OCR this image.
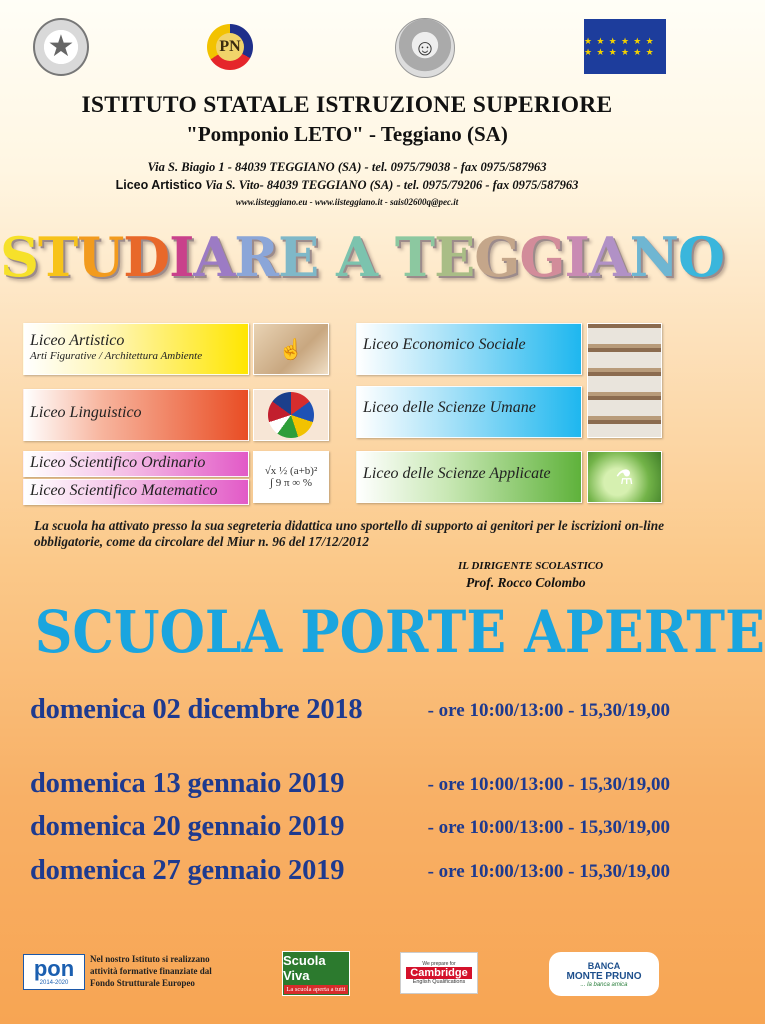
★	PN	☺	★ ★ ★ ★ ★ ★ ★ ★ ★ ★ ★ ★
ISTITUTO STATALE ISTRUZIONE SUPERIORE
"Pomponio LETO" - Teggiano (SA)
Via S. Biagio 1 - 84039 TEGGIANO (SA) - tel. 0975/79038 - fax 0975/587963
Liceo Artistico Via S. Vito- 84039 TEGGIANO (SA) - tel. 0975/79206 - fax 0975/587963
www.iisteggiano.eu - www.iisteggiano.it - sais02600q@pec.it
STUDIARE A TEGGIANO
Liceo Artistico
Arti Figurative / Architettura Ambiente	☝
Liceo Linguistico
Liceo Scientifico Ordinario
Liceo Scientifico Matematico
√x ½ (a+b)²
∫ 9 π ∞ %
Liceo Economico Sociale
Liceo delle Scienze Umane
Liceo delle Scienze Applicate	⚗
La scuola ha attivato presso la sua segreteria didattica uno sportello di supporto ai genitori per le iscrizioni on-line obbligatorie, come da circolare del Miur n. 96 del 17/12/2012
IL DIRIGENTE SCOLASTICO
Prof. Rocco Colombo
SCUOLA PORTE APERTE
domenica 02 dicembre 2018	- ore 10:00/13:00 - 15,30/19,00
domenica 13 gennaio 2019	- ore 10:00/13:00 - 15,30/19,00
domenica 20 gennaio 2019	- ore 10:00/13:00 - 15,30/19,00
domenica 27 gennaio 2019	- ore 10:00/13:00 - 15,30/19,00
pon
2014-2020
Nel nostro Istituto si realizzano
attività formative finanziate dal
Fondo Strutturale Europeo
Scuola Viva
La scuola aperta a tutti
We prepare for
Cambridge
English Qualifications
BANCA
MONTE PRUNO
... la banca amica
